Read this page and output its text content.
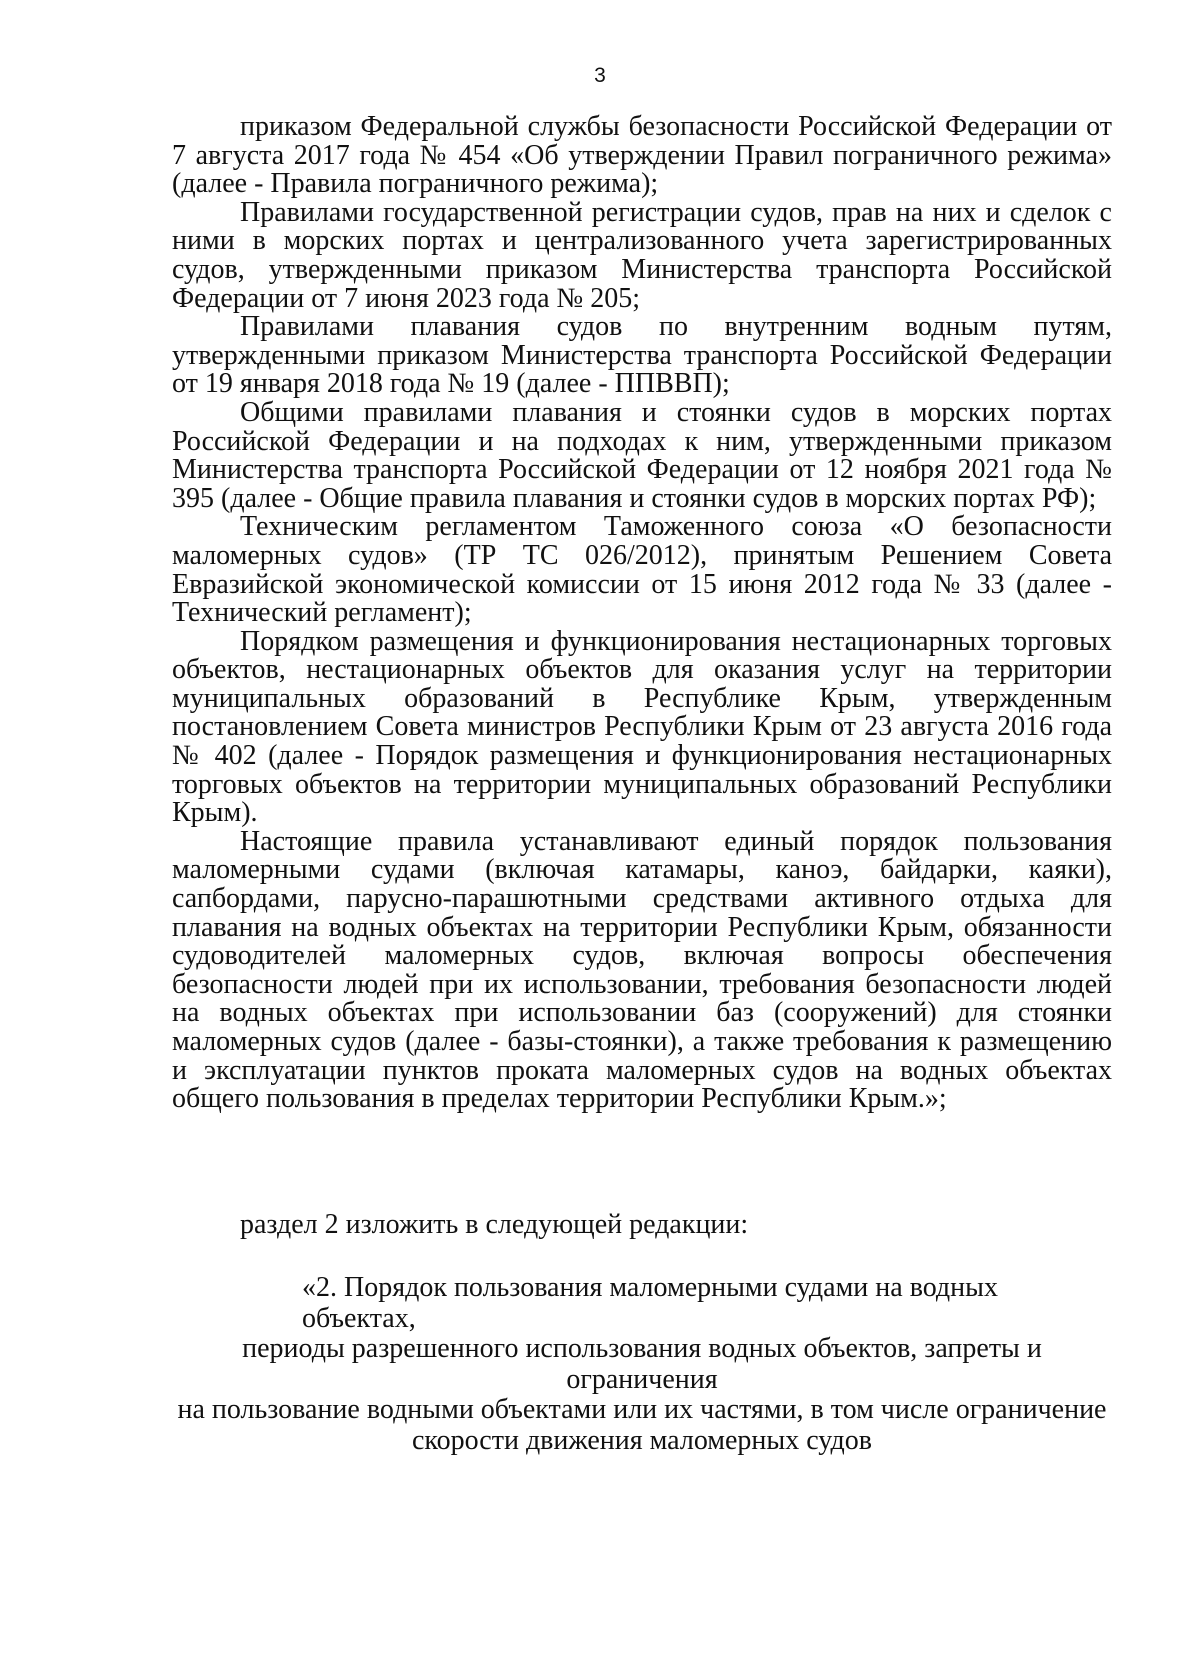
3

приказом Федеральной службы безопасности Российской Федерации от 7 августа 2017 года № 454 «Об утверждении Правил пограничного режима» (далее - Правила пограничного режима);

Правилами государственной регистрации судов, прав на них и сделок с ними в морских портах и централизованного учета зарегистрированных судов, утвержденными приказом Министерства транспорта Российской Федерации от 7 июня 2023 года № 205;

Правилами плавания судов по внутренним водным путям, утвержденными приказом Министерства транспорта Российской Федерации от 19 января 2018 года № 19 (далее - ППВВП);

Общими правилами плавания и стоянки судов в морских портах Российской Федерации и на подходах к ним, утвержденными приказом Министерства транспорта Российской Федерации от 12 ноября 2021 года № 395 (далее - Общие правила плавания и стоянки судов в морских портах РФ);

Техническим регламентом Таможенного союза «О безопасности маломерных судов» (ТР ТС 026/2012), принятым Решением Совета Евразийской экономической комиссии от 15 июня 2012 года № 33 (далее - Технический регламент);

Порядком размещения и функционирования нестационарных торговых объектов, нестационарных объектов для оказания услуг на территории муниципальных образований в Республике Крым, утвержденным постановлением Совета министров Республики Крым от 23 августа 2016 года № 402 (далее - Порядок размещения и функционирования нестационарных торговых объектов на территории муниципальных образований Республики Крым).

Настоящие правила устанавливают единый порядок пользования маломерными судами (включая катамары, каноэ, байдарки, каяки), сапбордами, парусно-парашютными средствами активного отдыха для плавания на водных объектах на территории Республики Крым, обязанности судоводителей маломерных судов, включая вопросы обеспечения безопасности людей при их использовании, требования безопасности людей на водных объектах при использовании баз (сооружений) для стоянки маломерных судов (далее - базы-стоянки), а также требования к размещению и эксплуатации пунктов проката маломерных судов на водных объектах общего пользования в пределах территории Республики Крым.»;

раздел 2 изложить в следующей редакции:

«2. Порядок пользования маломерными судами на водных объектах,
периоды разрешенного использования водных объектов, запреты и ограничения
на пользование водными объектами или их частями, в том числе ограничение
скорости движения маломерных судов
